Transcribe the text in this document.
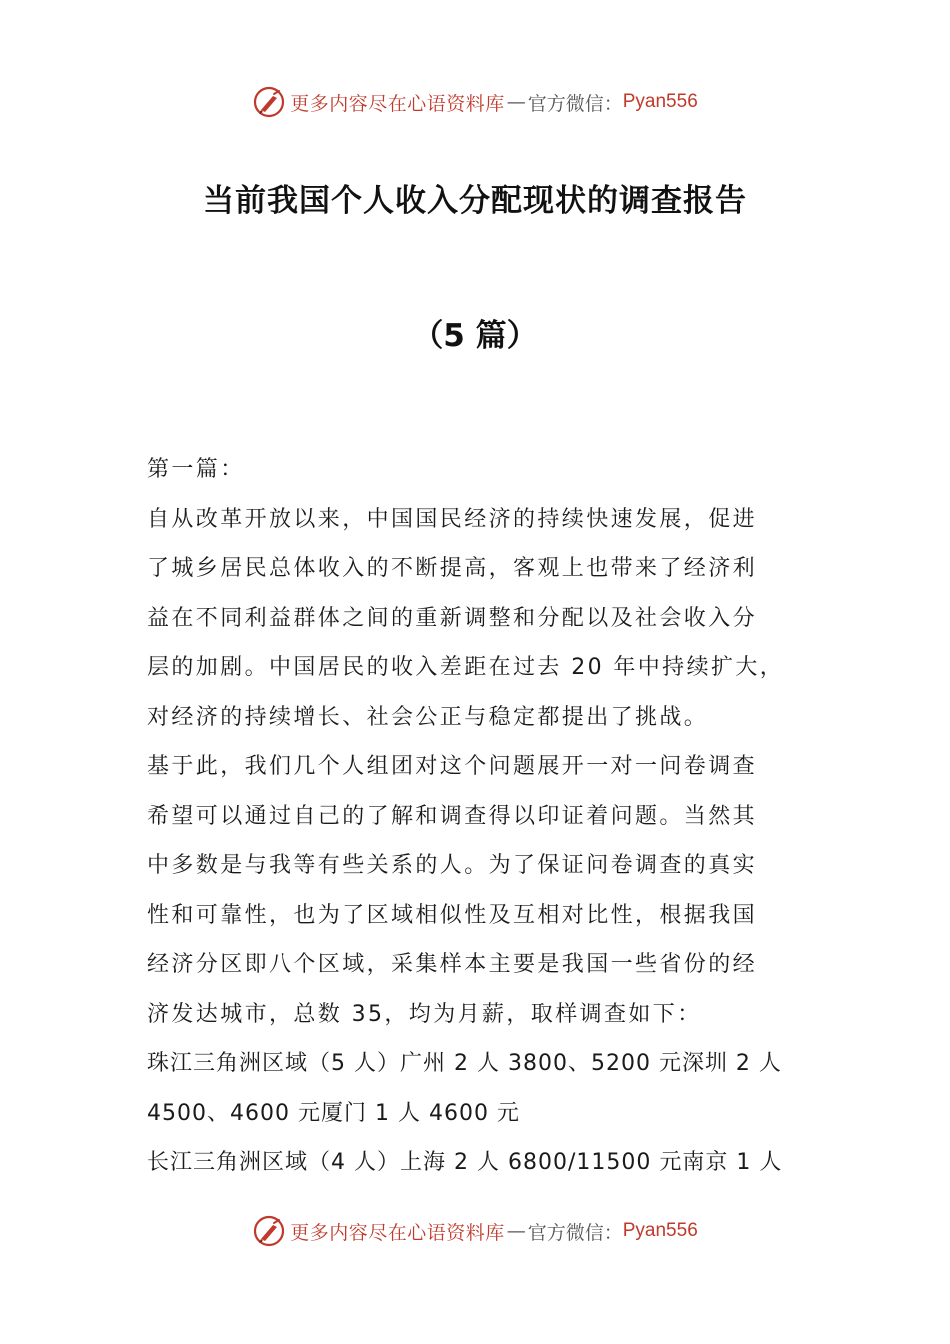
更多内容尽在心语资料库 — 官方微信： Pyan556
当前我国个人收入分配现状的调查报告
（5 篇）
第一篇：
自从改革开放以来，中国国民经济的持续快速发展，促进
了城乡居民总体收入的不断提高，客观上也带来了经济利
益在不同利益群体之间的重新调整和分配以及社会收入分
层的加剧。中国居民的收入差距在过去 20 年中持续扩大，
对经济的持续增长、社会公正与稳定都提出了挑战。
基于此，我们几个人组团对这个问题展开一对一问卷调查
希望可以通过自己的了解和调查得以印证着问题。当然其
中多数是与我等有些关系的人。为了保证问卷调查的真实
性和可靠性，也为了区域相似性及互相对比性，根据我国
经济分区即八个区域，采集样本主要是我国一些省份的经
济发达城市，总数 35，均为月薪，取样调查如下：
珠江三角洲区域（5 人）广州 2 人 3800、5200 元深圳 2 人
4500、4600 元厦门 1 人 4600 元
长江三角洲区域（4 人）上海 2 人 6800/11500 元南京 1 人
更多内容尽在心语资料库 — 官方微信： Pyan556
